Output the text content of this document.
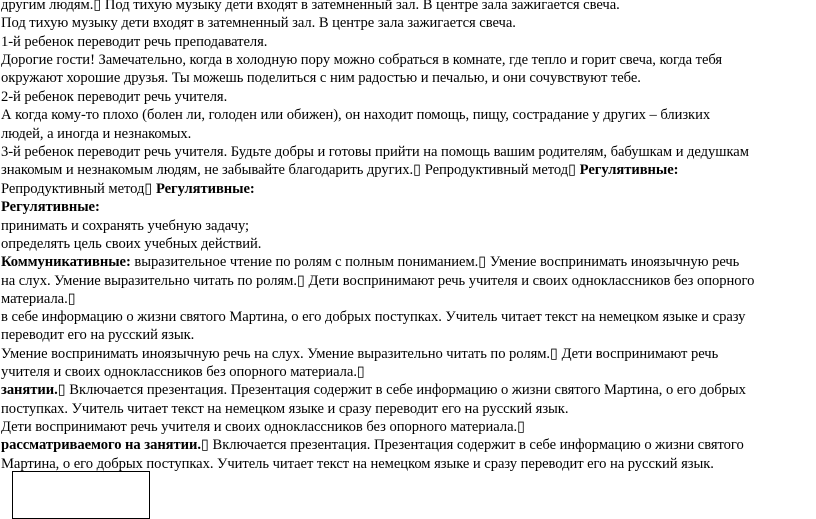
другим людям.▯ Под тихую музыку дети входят в затемненный зал. В центре зала зажигается свеча.
Под тихую музыку дети входят в затемненный зал. В центре зала зажигается свеча.
1-й ребенок переводит речь преподавателя.
Дорогие гости! Замечательно, когда в холодную пору можно собраться в комнате, где тепло и горит свеча, когда тебя
окружают хорошие друзья. Ты можешь поделиться с ним радостью и печалью, и они сочувствуют тебе.
2-й ребенок переводит речь учителя.
А когда кому-то плохо (болен ли, голоден или обижен), он находит помощь, пищу, сострадание у других – близких
людей, а иногда и незнакомых.
3-й ребенок переводит речь учителя. Будьте добры и готовы прийти на помощь вашим родителям, бабушкам и дедушкам
знакомым и незнакомым людям, не забывайте благодарить других.▯ Репродуктивный метод▯ Регулятивные:
Репродуктивный метод▯ Регулятивные:
Регулятивные:
принимать и сохранять учебную задачу;
определять цель своих учебных действий.
Коммуникативные: выразительное чтение по ролям с полным пониманием.▯ Умение воспринимать иноязычную речь
на слух. Умение выразительно читать по ролям.▯ Дети воспринимают речь учителя и своих одноклассников без опорного
материала.▯
в себе информацию о жизни святого Мартина, о его добрых поступках. Учитель читает текст на немецком языке и сразу
переводит его на русский язык.
Умение воспринимать иноязычную речь на слух. Умение выразительно читать по ролям.▯ Дети воспринимают речь
учителя и своих одноклассников без опорного материала.▯
занятии.▯ Включается презентация. Презентация содержит в себе информацию о жизни святого Мартина, о его добрых
поступках. Учитель читает текст на немецком языке и сразу переводит его на русский язык.
Дети воспринимают речь учителя и своих одноклассников без опорного материала.▯
рассматриваемого на занятии.▯ Включается презентация. Презентация содержит в себе информацию о жизни святого
Мартина, о его добрых поступках. Учитель читает текст на немецком языке и сразу переводит его на русский язык.
